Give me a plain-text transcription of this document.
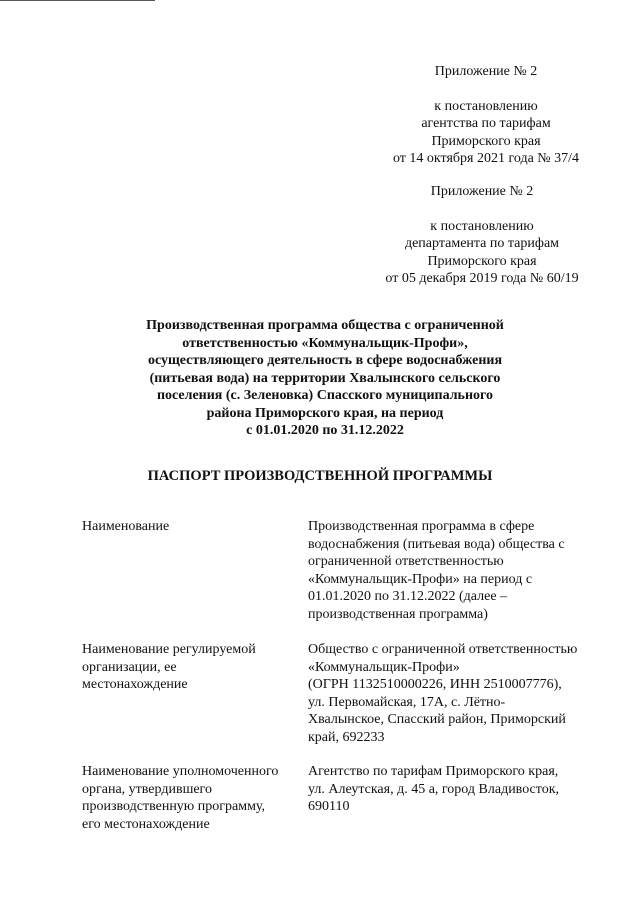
Приложение № 2
к постановлению
агентства по тарифам
Приморского края
от 14 октября 2021 года № 37/4
Приложение № 2
к постановлению
департамента по тарифам
Приморского края
от 05 декабря 2019 года № 60/19
Производственная программа общества с ограниченной
ответственностью «Коммунальщик-Профи»,
осуществляющего деятельность в сфере водоснабжения
(питьевая вода) на территории Хвалынского сельского
поселения (с. Зеленовка) Спасского муниципального
района Приморского края, на период
с 01.01.2020 по 31.12.2022
ПАСПОРТ ПРОИЗВОДСТВЕННОЙ ПРОГРАММЫ
Наименование	Производственная программа в сфере
водоснабжения (питьевая вода) общества с
ограниченной ответственностью
«Коммунальщик-Профи» на период с
01.01.2020 по 31.12.2022 (далее –
производственная программа)
Наименование регулируемой
организации, ее
местонахождение
Общество с ограниченной ответственностью
«Коммунальщик-Профи»
(ОГРН 1132510000226, ИНН 2510007776),
ул. Первомайская, 17А, с. Лётно-
Хвалынское, Спасский район, Приморский
край, 692233
Наименование уполномоченного
органа, утвердившего
производственную программу,
его местонахождение
Агентство по тарифам Приморского края,
ул. Алеутская, д. 45 а, город Владивосток,
690110
